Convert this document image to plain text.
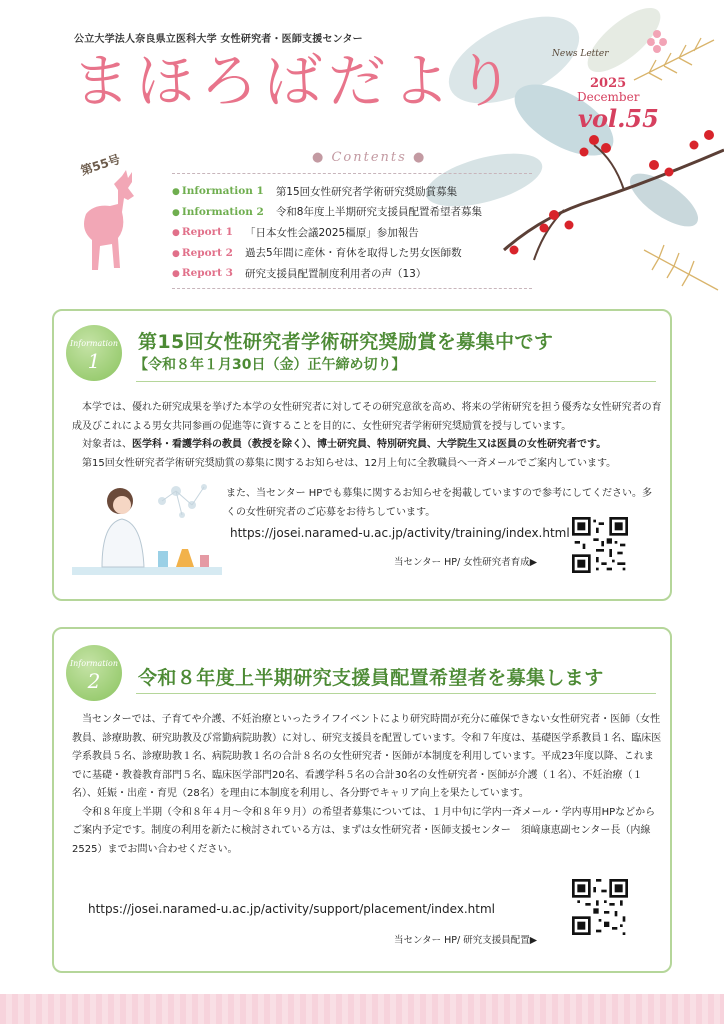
公立大学法人奈良県立医科大学 女性研究者・医師支援センター
まほろばだより	News Letter
2025
December
vol.55
第55号	● Contents ●
● Information 1 第15回女性研究者学術研究奨励賞募集
● Information 2 令和8年度上半期研究支援員配置希望者募集
● Report 1 「日本女性会議2025橿原」参加報告
● Report 2 過去5年間に産休・育休を取得した男女医師数
● Report 3 研究支援員配置制度利用者の声（13）
Information
1
第15回女性研究者学術研究奨励賞を募集中です
【令和８年１月30日（金）正午締め切り】

本学では、優れた研究成果を挙げた本学の女性研究者に対してその研究意欲を高め、将来の学術研究を担う優秀な女性研究者の育成及びこれによる男女共同参画の促進等に資することを目的に、女性研究者学術研究奨励賞を授与しています。

対象者は、医学科・看護学科の教員（教授を除く）、博士研究員、特別研究員、大学院生又は医員の女性研究者です。

第15回女性研究者学術研究奨励賞の募集に関するお知らせは、12月上旬に全教職員へ一斉メールでご案内しています。

また、当センター HPでも募集に関するお知らせを掲載していますので参考にしてください。多くの女性研究者のご応募をお待ちしています。
https://josei.naramed-u.ac.jp/activity/training/index.html
当センター HP/ 女性研究者育成▶
Information
2	令和８年度上半期研究支援員配置希望者を募集します

当センターでは、子育てや介護、不妊治療といったライフイベントにより研究時間が充分に確保できない女性研究者・医師（女性教員、診療助教、研究助教及び常勤病院助教）に対し、研究支援員を配置しています。令和７年度は、基礎医学系教員１名、臨床医学系教員５名、診療助教１名、病院助教１名の合計８名の女性研究者・医師が本制度を利用しています。平成23年度以降、これまでに基礎・教養教育部門５名、臨床医学部門20名、看護学科５名の合計30名の女性研究者・医師が介護（１名）、不妊治療（１名）、妊娠・出産・育児（28名）を理由に本制度を利用し、各分野でキャリア向上を果たしています。

令和８年度上半期（令和８年４月～令和８年９月）の希望者募集については、１月中旬に学内一斉メール・学内専用HPなどからご案内予定です。制度の利用を新たに検討されている方は、まずは女性研究者・医師支援センター　須﨑康恵副センター長（内線2525）までお問い合わせください。

https://josei.naramed-u.ac.jp/activity/support/placement/index.html
当センター HP/ 研究支援員配置▶
